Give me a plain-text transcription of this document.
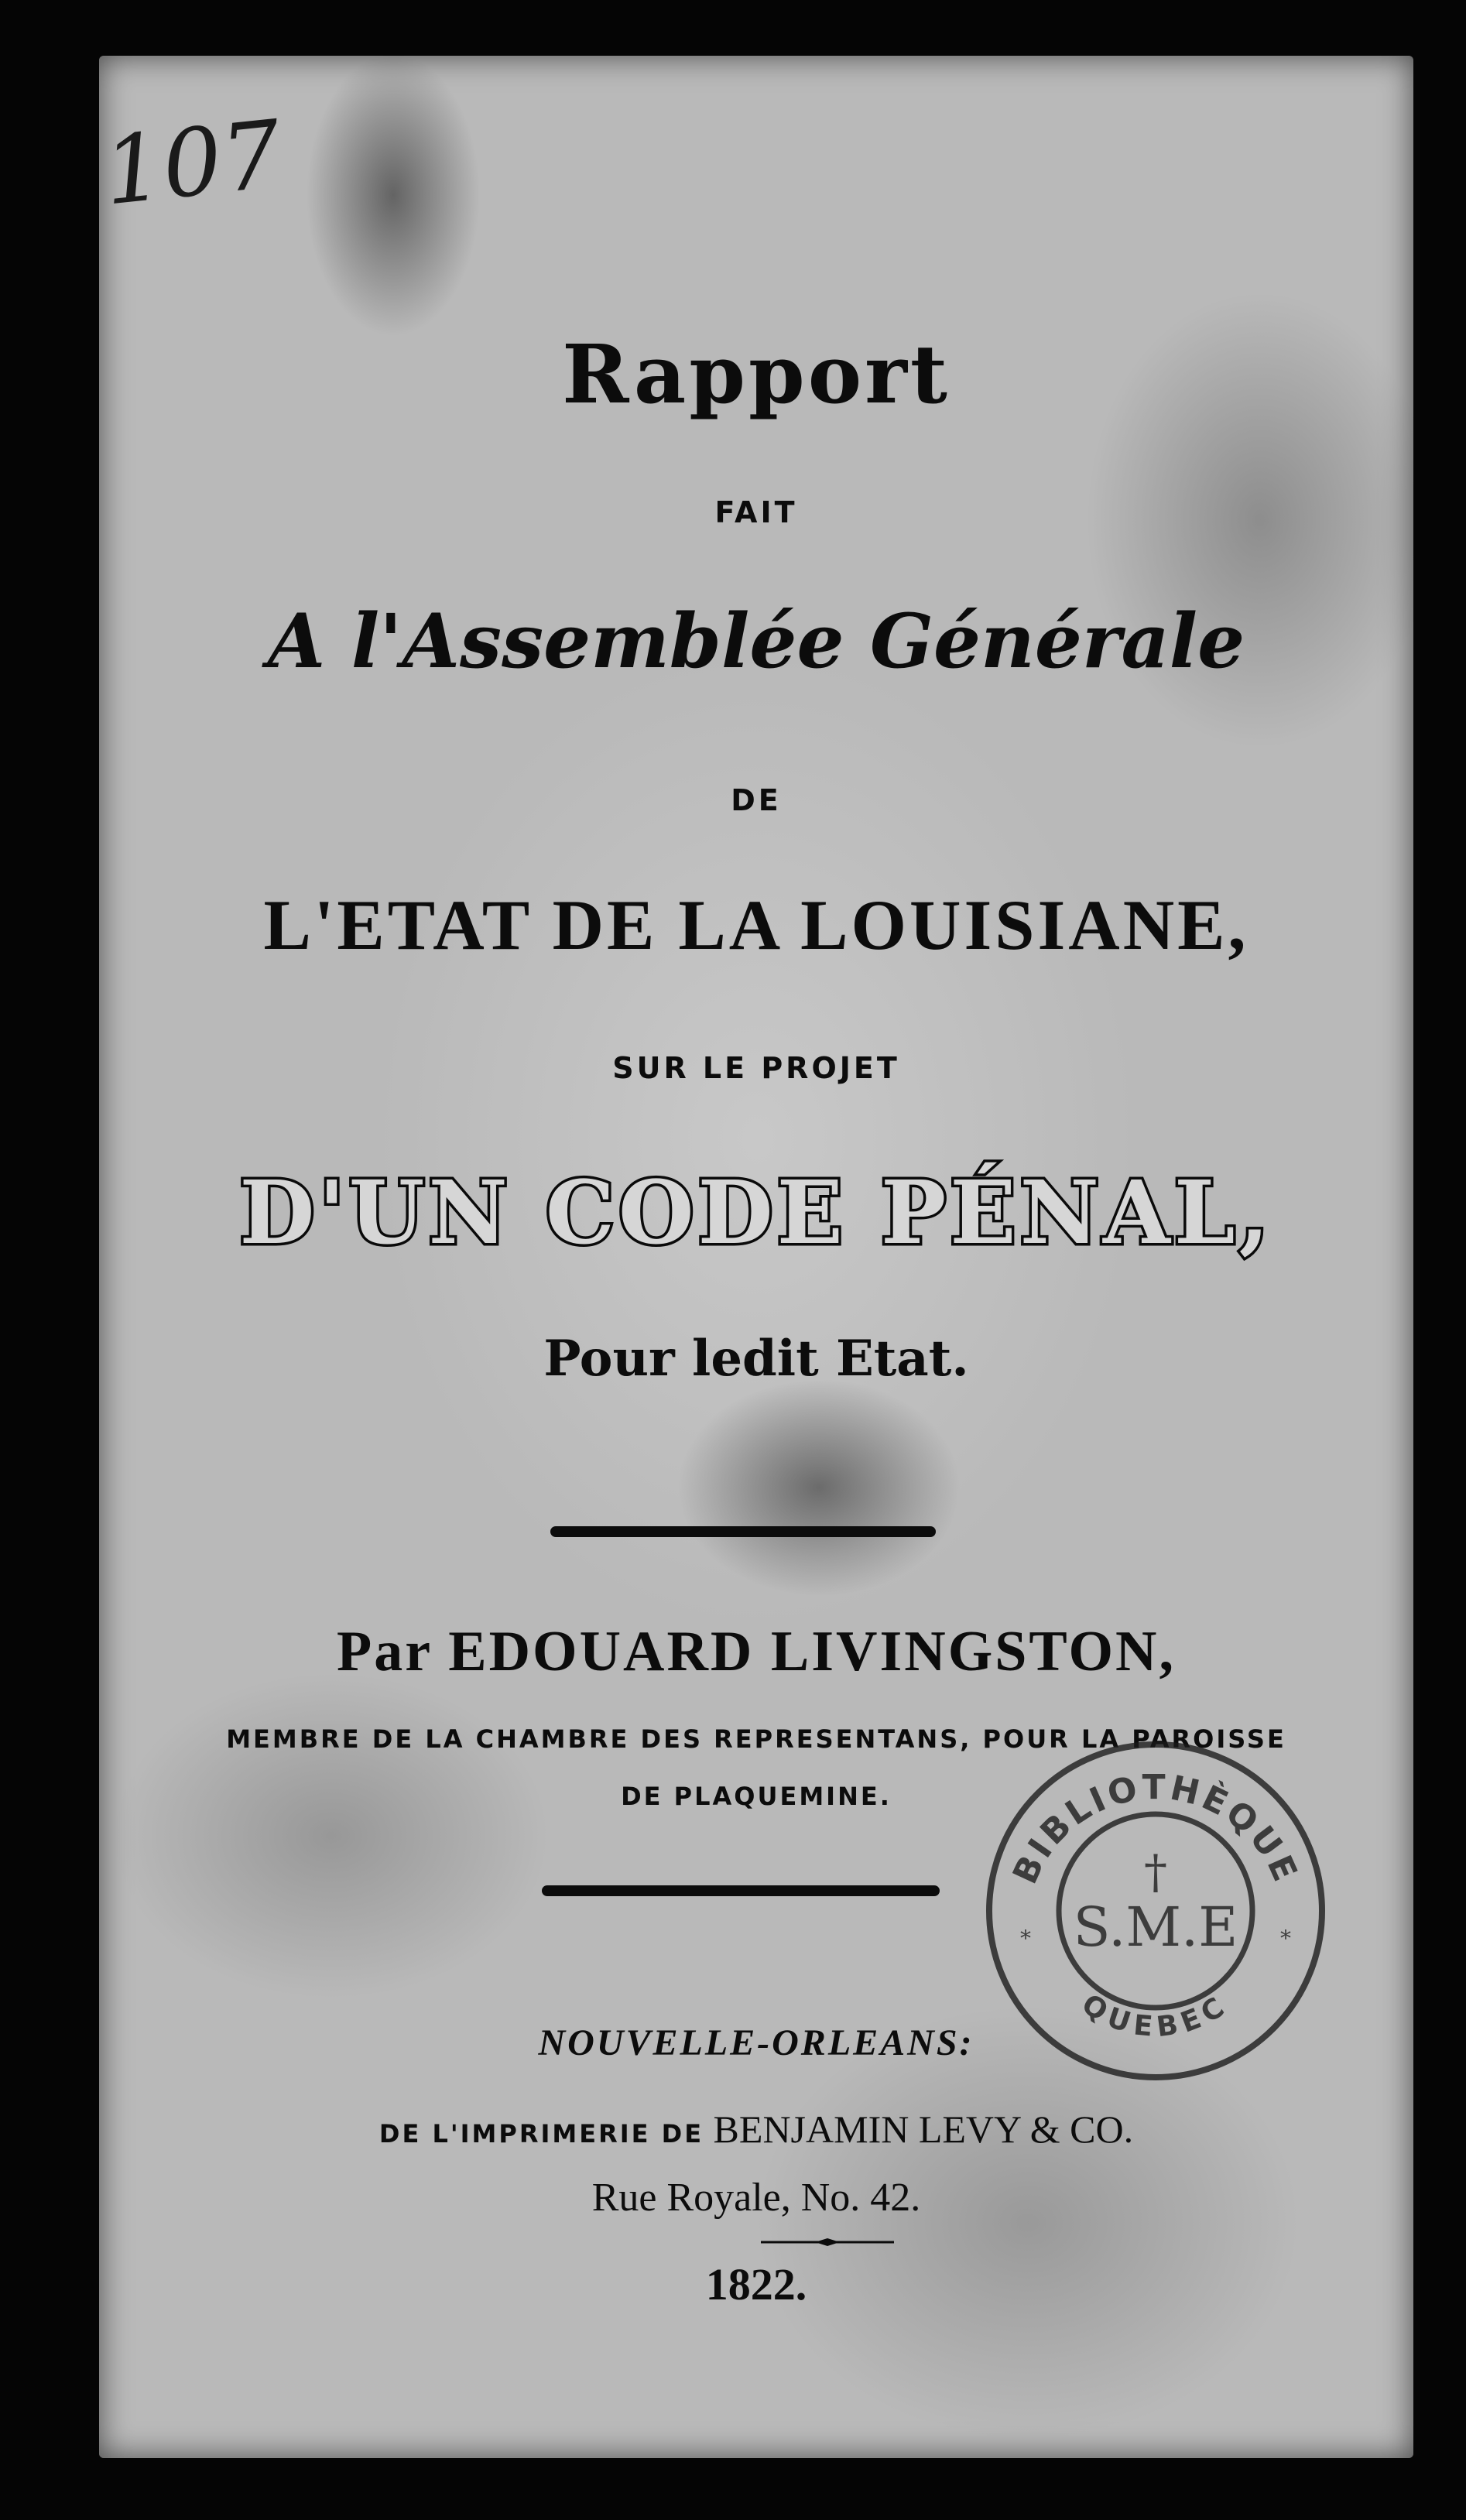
107
Rapport
FAIT
A l'Assemblée Générale
DE
L'ETAT DE LA LOUISIANE,
SUR LE PROJET
D'UN CODE PÉNAL,
Pour ledit Etat.
Par EDOUARD LIVINGSTON,
MEMBRE DE LA CHAMBRE DES REPRESENTANS, POUR LA PAROISSE
DE PLAQUEMINE.
NOUVELLE-ORLEANS:
DE L'IMPRIMERIE DE BENJAMIN LEVY & CO.
Rue Royale, No. 42.
1822.
BIBLIOTHÈQUE
QUEBEC
†
S.M.E
*	*
